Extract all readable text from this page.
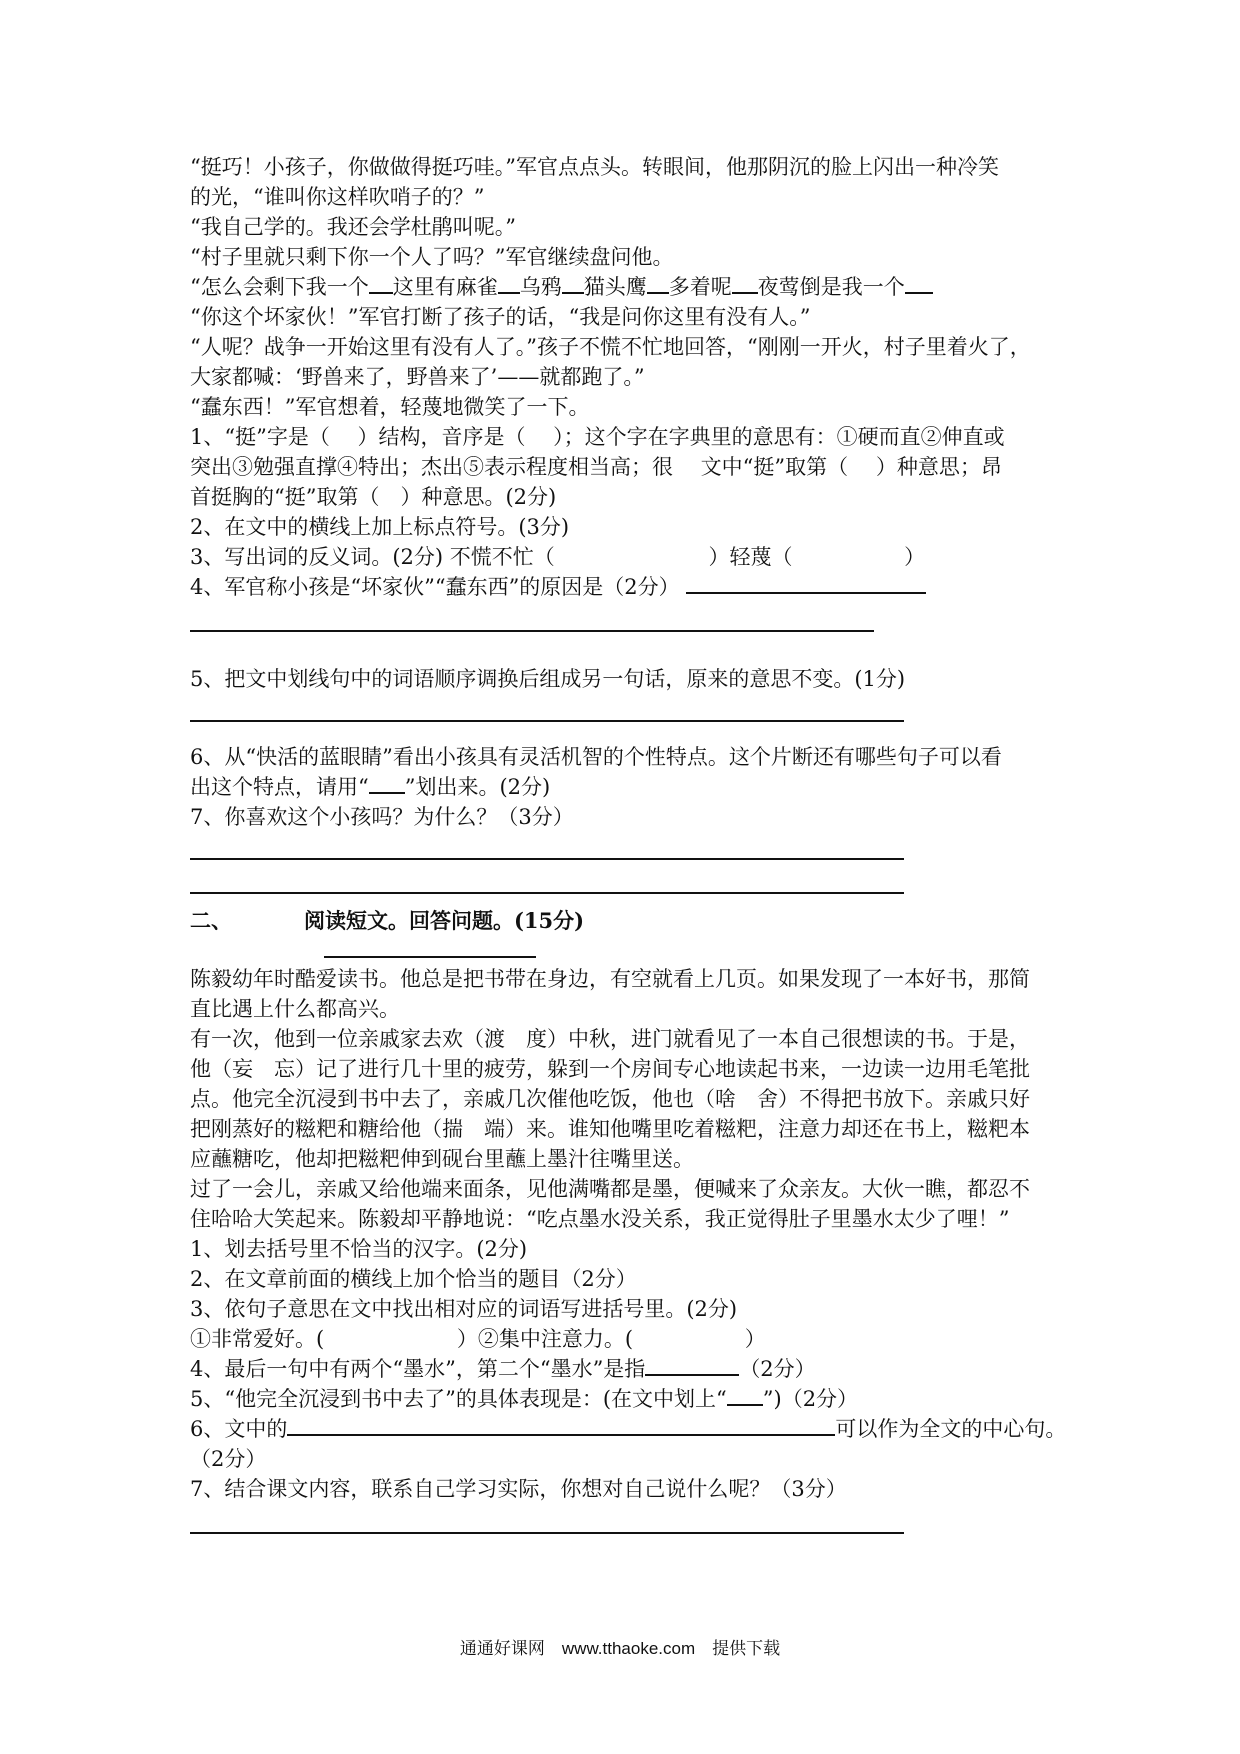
“挺巧！小孩子，你做做得挺巧哇。”军官点点头。转眼间，他那阴沉的脸上闪出一种冷笑
的光，“谁叫你这样吹哨子的？”
“我自己学的。我还会学杜鹃叫呢。”
“村子里就只剩下你一个人了吗？”军官继续盘问他。
“怎么会剩下我一个 这里有麻雀 乌鸦 猫头鹰 多着呢 夜莺倒是我一个
“你这个坏家伙！”军官打断了孩子的话，“我是问你这里有没有人。”
“人呢？战争一开始这里有没有人了。”孩子不慌不忙地回答，“刚刚一开火，村子里着火了，
大家都喊：‘野兽来了，野兽来了’——就都跑了。”
“蠢东西！”军官想着，轻蔑地微笑了一下。
1、“挺”字是（　 ）结构，音序是（　 ）；这个字在字典里的意思有：①硬而直②伸直或
突出③勉强直撑④特出；杰出⑤表示程度相当高；很　 文中“挺”取第（　 ）种意思；昂
首挺胸的“挺”取第（　）种意思。(2分)
2、在文中的横线上加上标点符号。(3分)
3、写出词的反义词。(2分) 不慌不忙（　　　　　　　 ）轻蔑（　　　　　 ）
4、军官称小孩是“坏家伙”“蠢东西”的原因是（2分）
5、把文中划线句中的词语顺序调换后组成另一句话，原来的意思不变。(1分)
6、从“快活的蓝眼睛”看出小孩具有灵活机智的个性特点。这个片断还有哪些句子可以看
出这个特点，请用“ ”划出来。(2分)
7、你喜欢这个小孩吗？为什么？（3分）
二、	阅读短文。回答问题。(15分)
陈毅幼年时酷爱读书。他总是把书带在身边，有空就看上几页。如果发现了一本好书，那简
直比遇上什么都高兴。
有一次，他到一位亲戚家去欢（渡　度）中秋，进门就看见了一本自己很想读的书。于是，
他（妄　忘）记了进行几十里的疲劳，躲到一个房间专心地读起书来，一边读一边用毛笔批
点。他完全沉浸到书中去了，亲戚几次催他吃饭，他也（啥　舍）不得把书放下。亲戚只好
把刚蒸好的糍粑和糖给他（揣　端）来。谁知他嘴里吃着糍粑，注意力却还在书上，糍粑本
应蘸糖吃，他却把糍粑伸到砚台里蘸上墨汁往嘴里送。
过了一会儿，亲戚又给他端来面条，见他满嘴都是墨，便喊来了众亲友。大伙一瞧，都忍不
住哈哈大笑起来。陈毅却平静地说：“吃点墨水没关系，我正觉得肚子里墨水太少了哩！”
1、划去括号里不恰当的汉字。(2分)
2、在文章前面的横线上加个恰当的题目（2分）
3、依句子意思在文中找出相对应的词语写进括号里。(2分)
①非常爱好。(　　　　　　 ）②集中注意力。(　　　　　 ）
4、最后一句中有两个“墨水”，第二个“墨水”是指	（2分）
5、“他完全沉浸到书中去了”的具体表现是：(在文中划上“ ”)（2分）
6、文中的	可以作为全文的中心句。
（2分）
7、结合课文内容，联系自己学习实际，你想对自己说什么呢？（3分）
通通好课网　www.tthaoke.com　提供下载
